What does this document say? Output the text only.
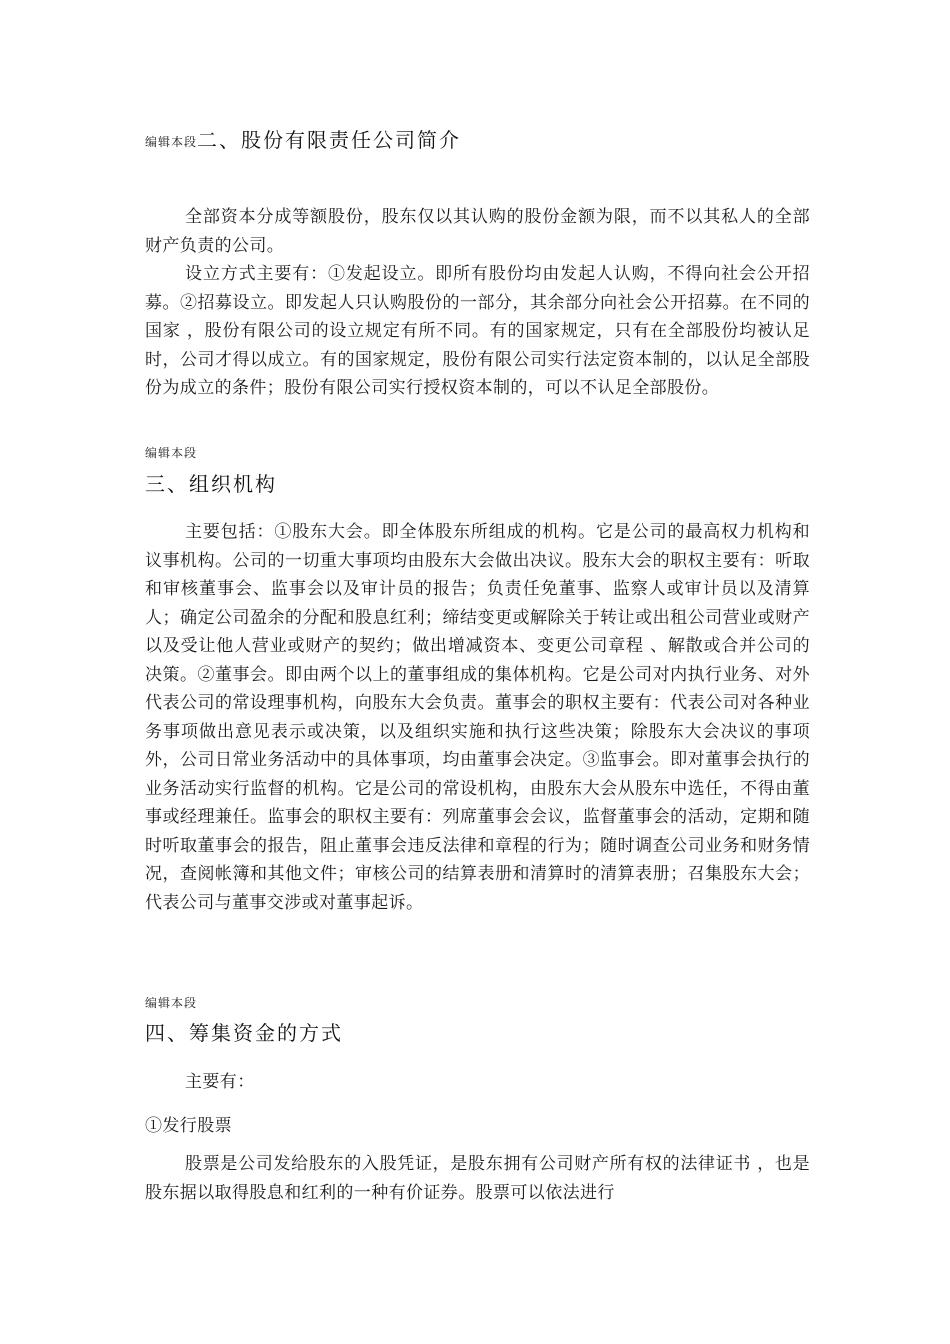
编辑本段二、股份有限责任公司简介

全部资本分成等额股份，股东仅以其认购的股份金额为限，而不以其私人的全部财产负责的公司。

设立方式主要有：①发起设立。即所有股份均由发起人认购，不得向社会公开招募。②招募设立。即发起人只认购股份的一部分，其余部分向社会公开招募。在不同的国家 ，股份有限公司的设立规定有所不同。有的国家规定，只有在全部股份均被认足时，公司才得以成立。有的国家规定，股份有限公司实行法定资本制的，以认足全部股份为成立的条件；股份有限公司实行授权资本制的，可以不认足全部股份。

编辑本段
三、组织机构

主要包括：①股东大会。即全体股东所组成的机构。它是公司的最高权力机构和议事机构。公司的一切重大事项均由股东大会做出决议。股东大会的职权主要有：听取和审核董事会、监事会以及审计员的报告；负责任免董事、监察人或审计员以及清算人；确定公司盈余的分配和股息红利；缔结变更或解除关于转让或出租公司营业或财产以及受让他人营业或财产的契约；做出增减资本、变更公司章程 、解散或合并公司的决策。②董事会。即由两个以上的董事组成的集体机构。它是公司对内执行业务、对外代表公司的常设理事机构，向股东大会负责。董事会的职权主要有：代表公司对各种业务事项做出意见表示或决策，以及组织实施和执行这些决策；除股东大会决议的事项外，公司日常业务活动中的具体事项，均由董事会决定。③监事会。即对董事会执行的业务活动实行监督的机构。它是公司的常设机构，由股东大会从股东中选任，不得由董事或经理兼任。监事会的职权主要有：列席董事会会议，监督董事会的活动，定期和随时听取董事会的报告，阻止董事会违反法律和章程的行为；随时调查公司业务和财务情况，查阅帐簿和其他文件；审核公司的结算表册和清算时的清算表册；召集股东大会；代表公司与董事交涉或对董事起诉。

编辑本段
四、筹集资金的方式

主要有：

①发行股票

股票是公司发给股东的入股凭证，是股东拥有公司财产所有权的法律证书 ，也是股东据以取得股息和红利的一种有价证券。股票可以依法进行
